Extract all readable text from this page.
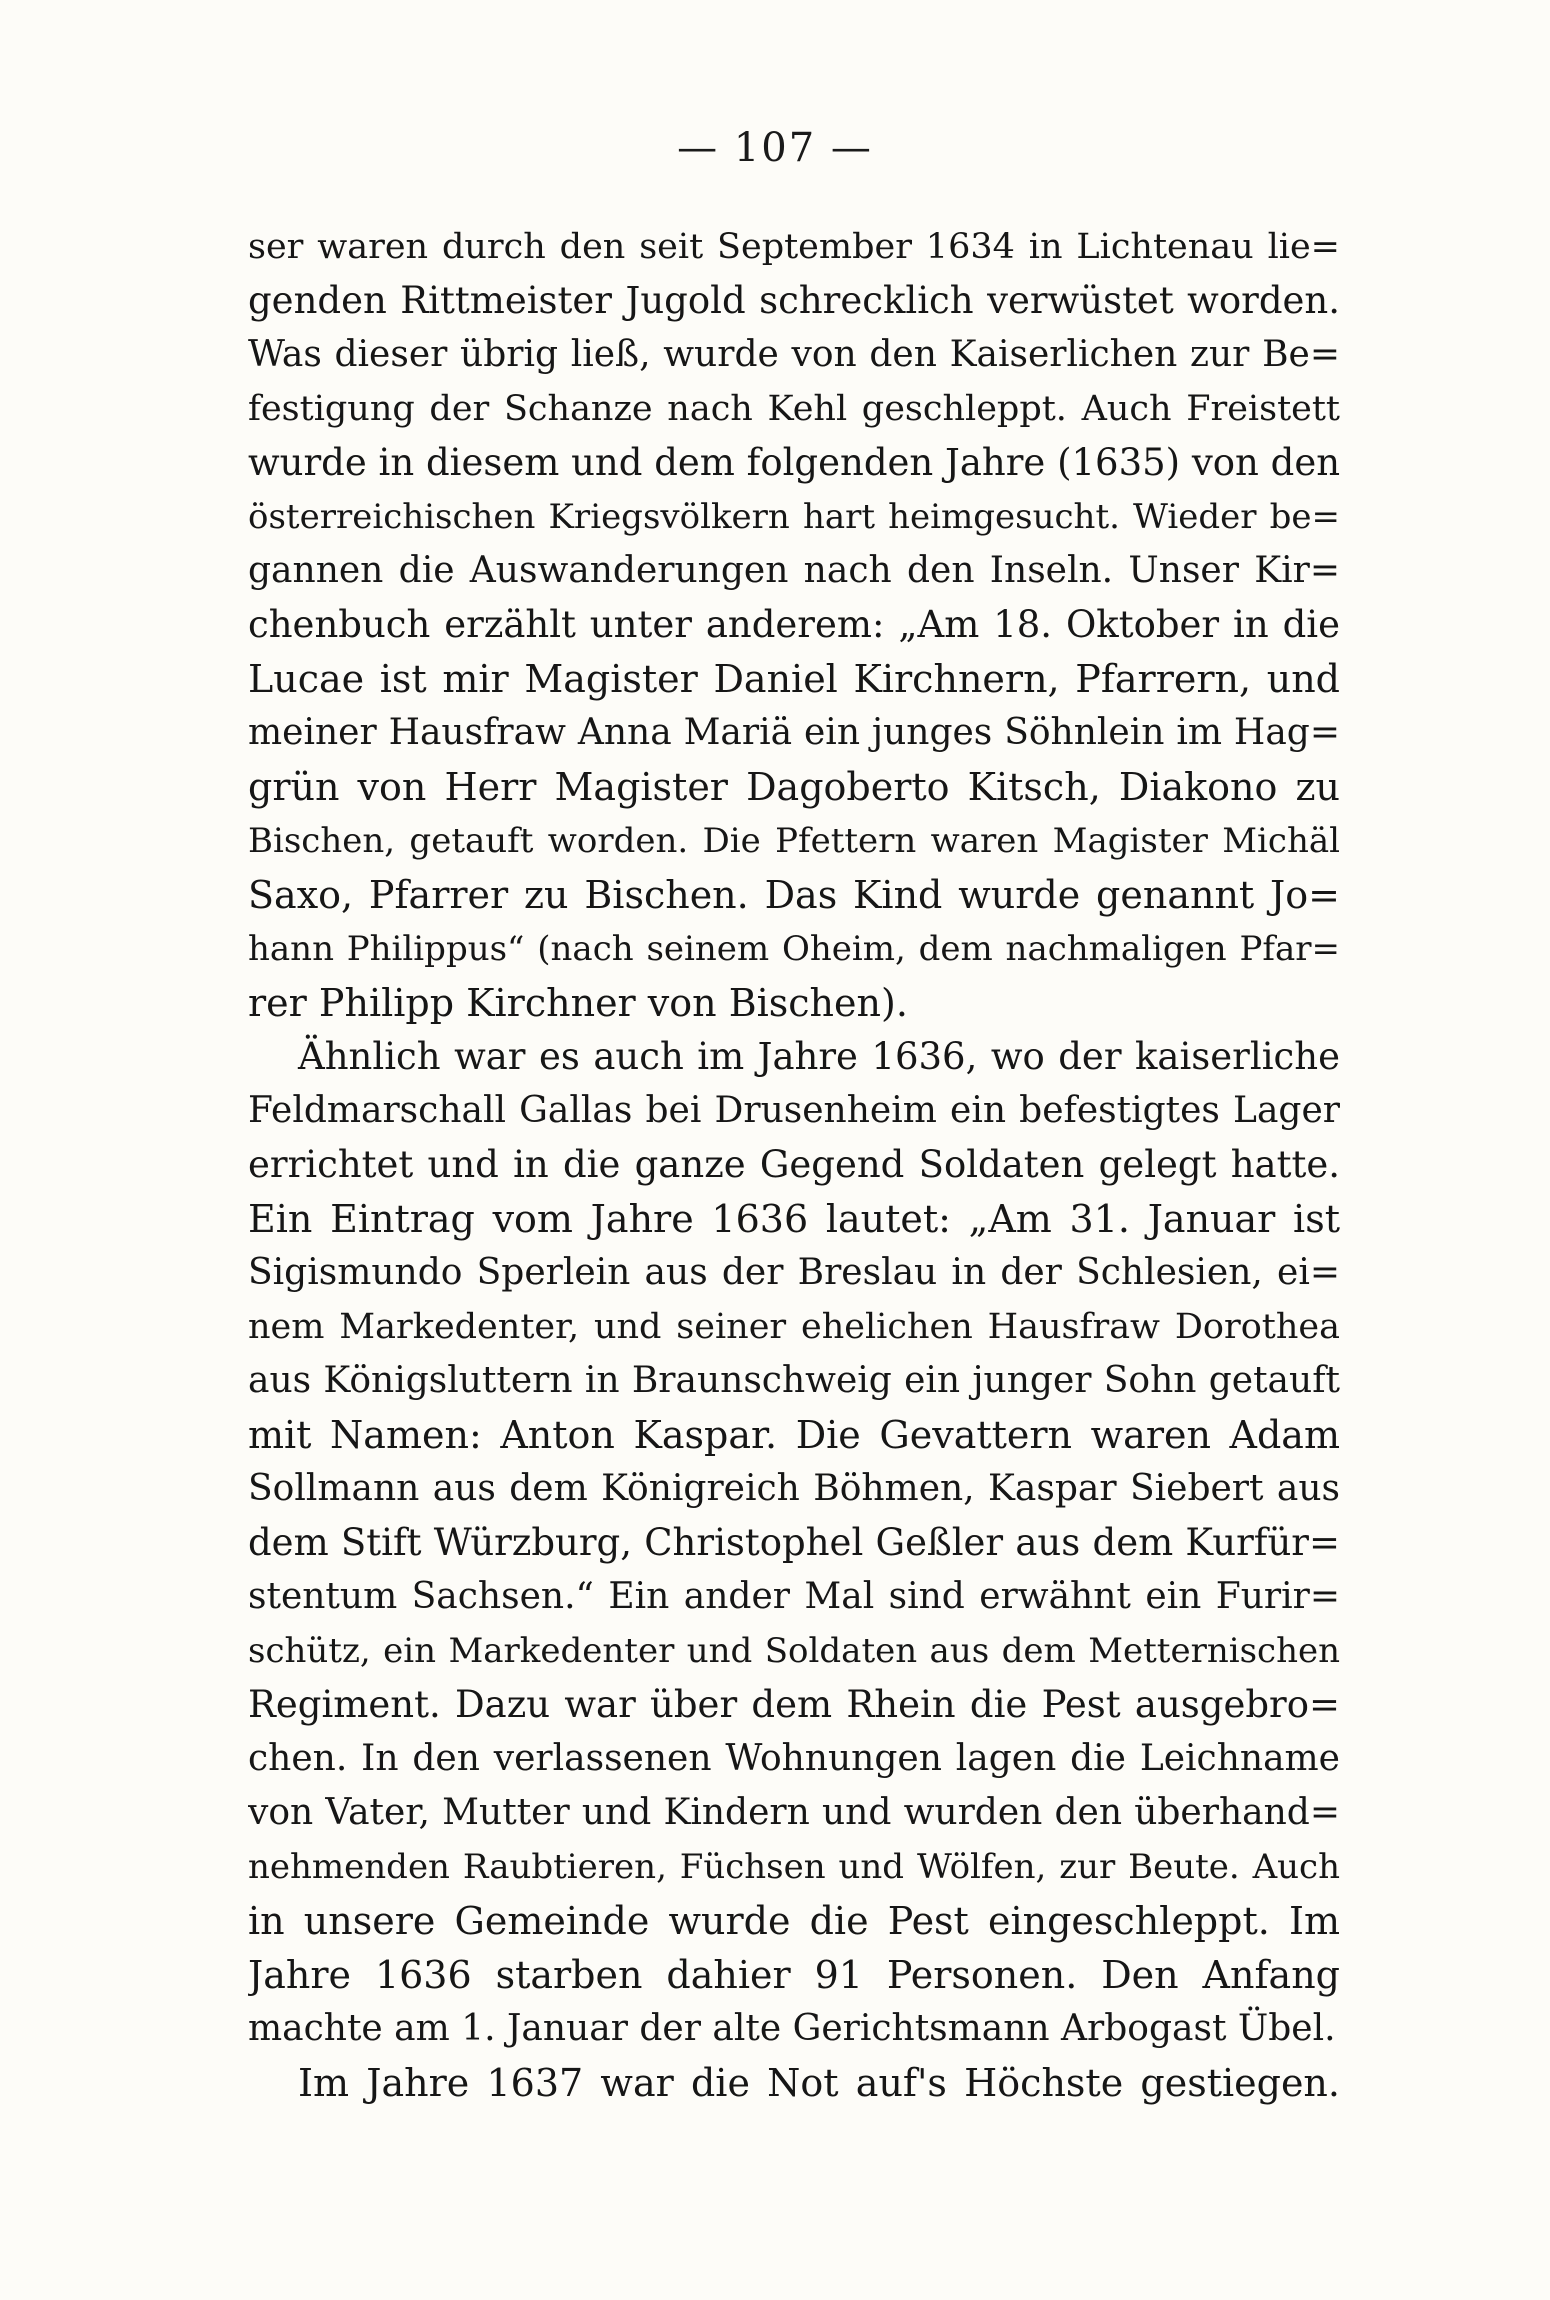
— 107 —
ser waren durch den seit September 1634 in Lichtenau lie=
genden Rittmeister Jugold schrecklich verwüstet worden.
Was dieser übrig ließ, wurde von den Kaiserlichen zur Be=
festigung der Schanze nach Kehl geschleppt. Auch Freistett
wurde in diesem und dem folgenden Jahre (1635) von den
österreichischen Kriegsvölkern hart heimgesucht. Wieder be=
gannen die Auswanderungen nach den Inseln. Unser Kir=
chenbuch erzählt unter anderem: „Am 18. Oktober in die
Lucae ist mir Magister Daniel Kirchnern, Pfarrern, und
meiner Hausfraw Anna Mariä ein junges Söhnlein im Hag=
grün von Herr Magister Dagoberto Kitsch, Diakono zu
Bischen, getauft worden. Die Pfettern waren Magister Michäl
Saxo, Pfarrer zu Bischen. Das Kind wurde genannt Jo=
hann Philippus“ (nach seinem Oheim, dem nachmaligen Pfar=
rer Philipp Kirchner von Bischen).
Ähnlich war es auch im Jahre 1636, wo der kaiserliche
Feldmarschall Gallas bei Drusenheim ein befestigtes Lager
errichtet und in die ganze Gegend Soldaten gelegt hatte.
Ein Eintrag vom Jahre 1636 lautet: „Am 31. Januar ist
Sigismundo Sperlein aus der Breslau in der Schlesien, ei=
nem Markedenter, und seiner ehelichen Hausfraw Dorothea
aus Königsluttern in Braunschweig ein junger Sohn getauft
mit Namen: Anton Kaspar. Die Gevattern waren Adam
Sollmann aus dem Königreich Böhmen, Kaspar Siebert aus
dem Stift Würzburg, Christophel Geßler aus dem Kurfür=
stentum Sachsen.“ Ein ander Mal sind erwähnt ein Furir=
schütz, ein Markedenter und Soldaten aus dem Metternischen
Regiment. Dazu war über dem Rhein die Pest ausgebro=
chen. In den verlassenen Wohnungen lagen die Leichname
von Vater, Mutter und Kindern und wurden den überhand=
nehmenden Raubtieren, Füchsen und Wölfen, zur Beute. Auch
in unsere Gemeinde wurde die Pest eingeschleppt. Im
Jahre 1636 starben dahier 91 Personen. Den Anfang
machte am 1. Januar der alte Gerichtsmann Arbogast Übel.
Im Jahre 1637 war die Not auf's Höchste gestiegen.
